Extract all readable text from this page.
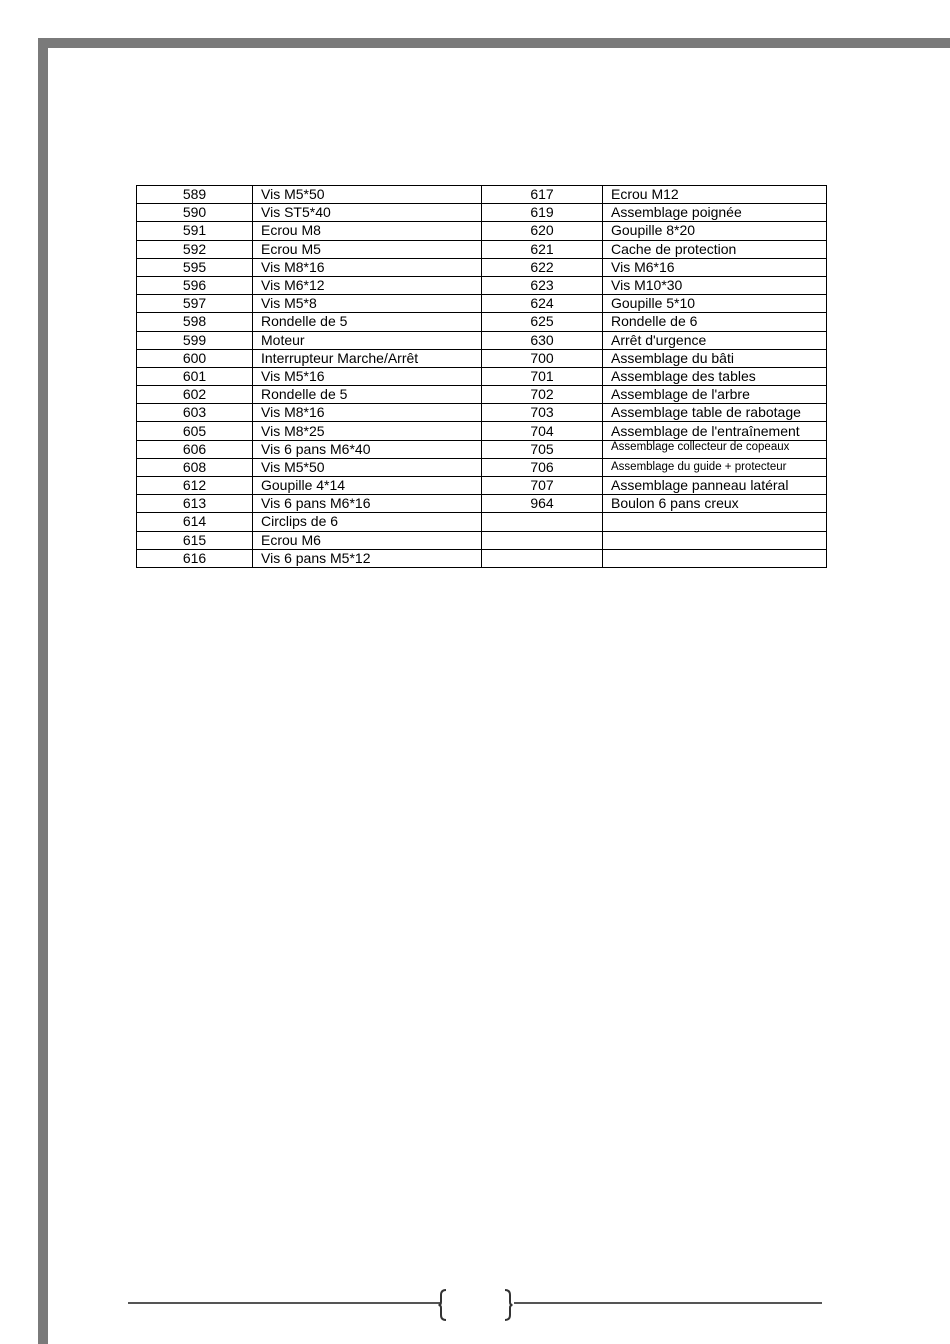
589	Vis M5*50	617	Ecrou M12
590	Vis ST5*40	619	Assemblage poignée
591	Ecrou M8	620	Goupille 8*20
592	Ecrou M5	621	Cache de protection
595	Vis M8*16	622	Vis M6*16
596	Vis M6*12	623	Vis M10*30
597	Vis M5*8	624	Goupille 5*10
598	Rondelle de 5	625	Rondelle de 6
599	Moteur	630	Arrêt d'urgence
600	Interrupteur Marche/Arrêt	700	Assemblage du bâti
601	Vis M5*16	701	Assemblage des tables
602	Rondelle de 5	702	Assemblage de l'arbre
603	Vis M8*16	703	Assemblage table de rabotage
605	Vis M8*25	704	Assemblage de l'entraînement
606	Vis 6 pans M6*40	705	Assemblage collecteur de copeaux
608	Vis M5*50	706	Assemblage du guide + protecteur
612	Goupille 4*14	707	Assemblage panneau latéral
613	Vis 6 pans M6*16	964	Boulon 6 pans creux
614	Circlips de 6		
615	Ecrou M6		
616	Vis 6 pans M5*12		
